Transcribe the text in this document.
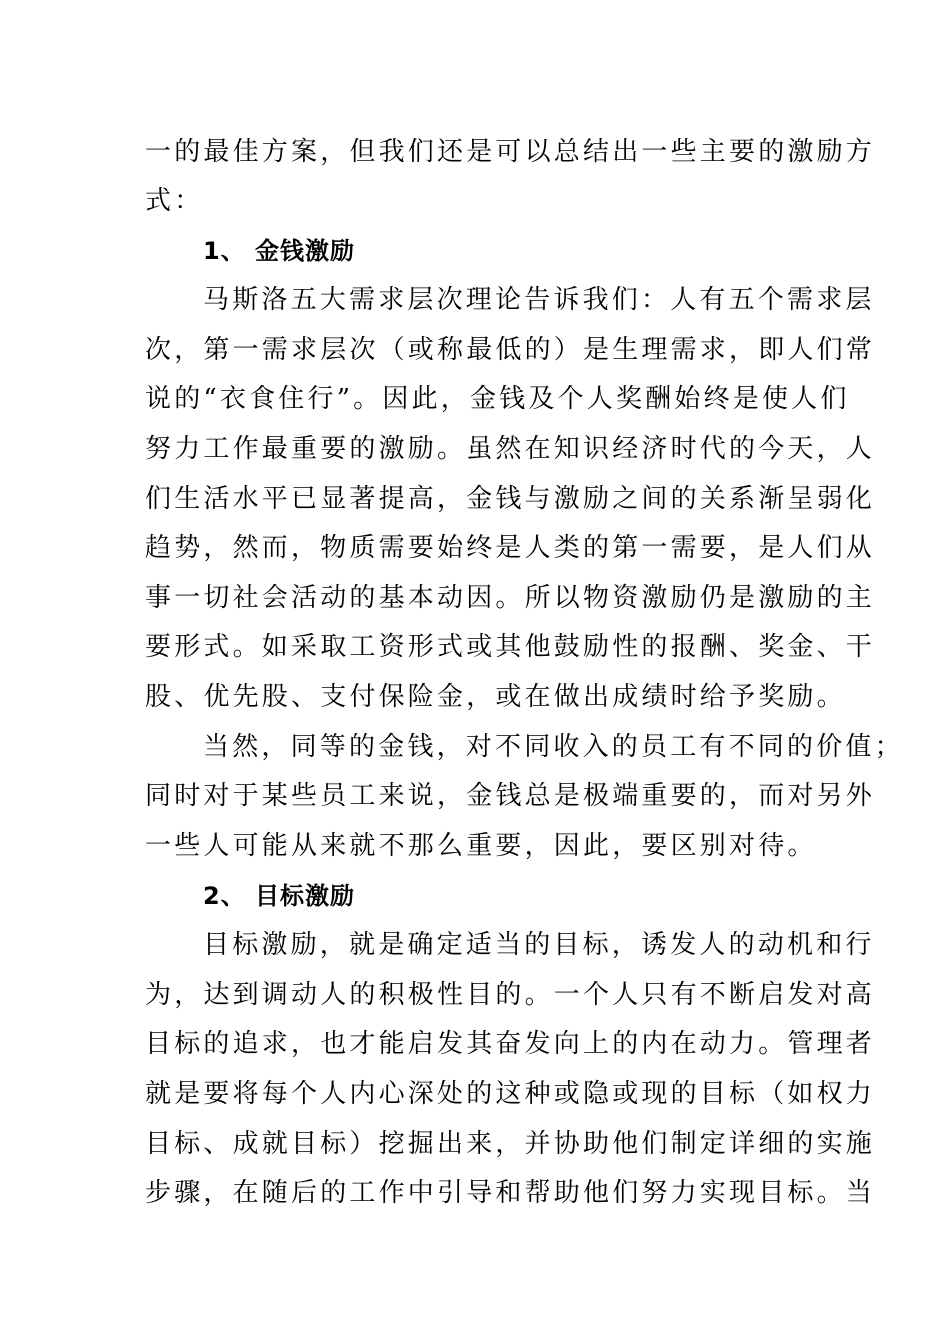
一的最佳方案，但我们还是可以总结出一些主要的激励方

式：

1、 金钱激励

马斯洛五大需求层次理论告诉我们：人有五个需求层

次，第一需求层次（或称最低的）是生理需求，即人们常

说的“衣食住行”。因此，金钱及个人奖酬始终是使人们

努力工作最重要的激励。虽然在知识经济时代的今天，人

们生活水平已显著提高，金钱与激励之间的关系渐呈弱化

趋势，然而，物质需要始终是人类的第一需要，是人们从

事一切社会活动的基本动因。所以物资激励仍是激励的主

要形式。如采取工资形式或其他鼓励性的报酬、奖金、干

股、优先股、支付保险金，或在做出成绩时给予奖励。

当然，同等的金钱，对不同收入的员工有不同的价值；

同时对于某些员工来说，金钱总是极端重要的，而对另外

一些人可能从来就不那么重要，因此，要区别对待。

2、 目标激励

目标激励，就是确定适当的目标，诱发人的动机和行

为，达到调动人的积极性目的。一个人只有不断启发对高

目标的追求，也才能启发其奋发向上的内在动力。管理者

就是要将每个人内心深处的这种或隐或现的目标（如权力

目标、成就目标）挖掘出来，并协助他们制定详细的实施

步骤，在随后的工作中引导和帮助他们努力实现目标。当
